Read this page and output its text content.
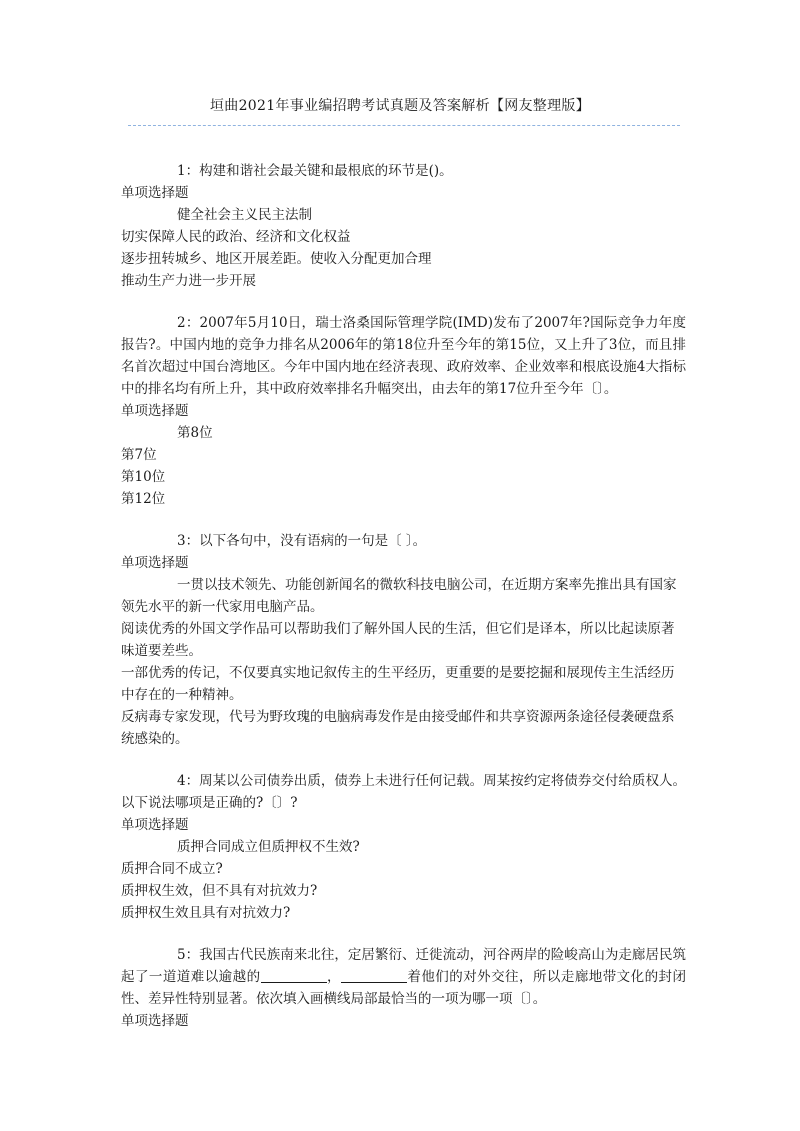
垣曲2021年事业编招聘考试真题及答案解析【网友整理版】
1：构建和谐社会最关键和最根底的环节是()。
单项选择题
健全社会主义民主法制
切实保障人民的政治、经济和文化权益
逐步扭转城乡、地区开展差距。使收入分配更加合理
推动生产力进一步开展
2：2007年5月10日，瑞士洛桑国际管理学院(IMD)发布了2007年?国际竞争力年度报告?。中国内地的竞争力排名从2006年的第18位升至今年的第15位，又上升了3位，而且排名首次超过中国台湾地区。今年中国内地在经济表现、政府效率、企业效率和根底设施4大指标中的排名均有所上升，其中政府效率排名升幅突出，由去年的第17位升至今年〔〕。
单项选择题
第8位
第7位
第10位
第12位
3：以下各句中，没有语病的一句是〔 〕。
单项选择题
一贯以技术领先、功能创新闻名的微软科技电脑公司，在近期方案率先推出具有国家领先水平的新一代家用电脑产品。
阅读优秀的外国文学作品可以帮助我们了解外国人民的生活，但它们是译本，所以比起读原著味道要差些。
一部优秀的传记，不仅要真实地记叙传主的生平经历，更重要的是要挖掘和展现传主生活经历中存在的一种精神。
反病毒专家发现，代号为野玫瑰的电脑病毒发作是由接受邮件和共享资源两条途径侵袭硬盘系统感染的。
4：周某以公司债券出质，债券上未进行任何记载。周某按约定将债券交付给质权人。以下说法哪项是正确的?〔〕?
单项选择题
质押合同成立但质押权不生效?
质押合同不成立?
质押权生效，但不具有对抗效力?
质押权生效且具有对抗效力?
5：我国古代民族南来北往，定居繁衍、迁徙流动，河谷两岸的险峻高山为走廊居民筑起了一道道难以逾越的	，	着他们的对外交往，所以走廊地带文化的封闭性、差异性特别显著。依次填入画横线局部最恰当的一项为哪一项〔〕。
单项选择题
